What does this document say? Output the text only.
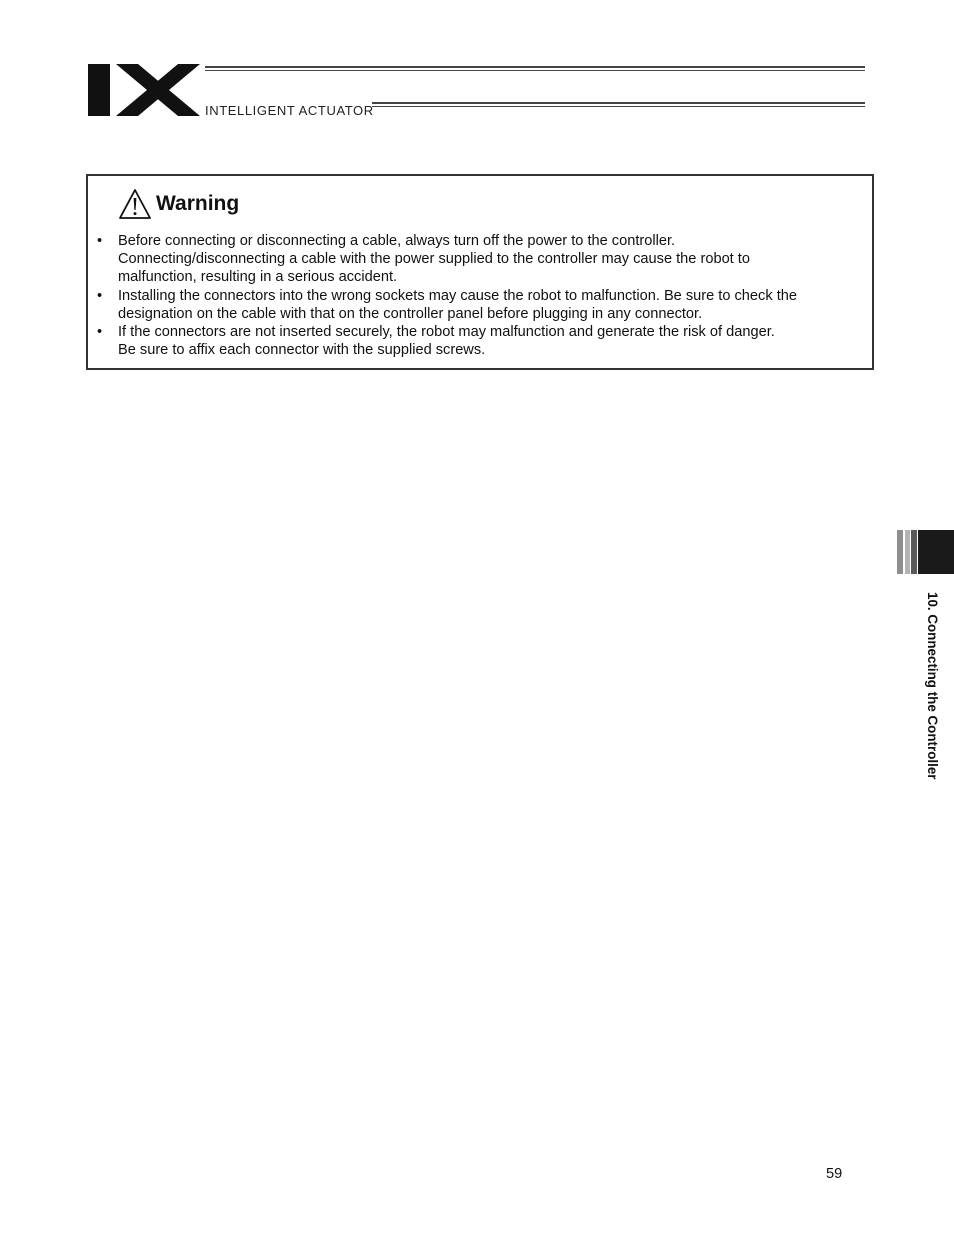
INTELLIGENT ACTUATOR
Warning
• Before connecting or disconnecting a cable, always turn off the power to the controller.
Connecting/disconnecting a cable with the power supplied to the controller may cause the robot to
malfunction, resulting in a serious accident.
• Installing the connectors into the wrong sockets may cause the robot to malfunction. Be sure to check the
designation on the cable with that on the controller panel before plugging in any connector.
• If the connectors are not inserted securely, the robot may malfunction and generate the risk of danger.
Be sure to affix each connector with the supplied screws.
10. Connecting the Controller
59
